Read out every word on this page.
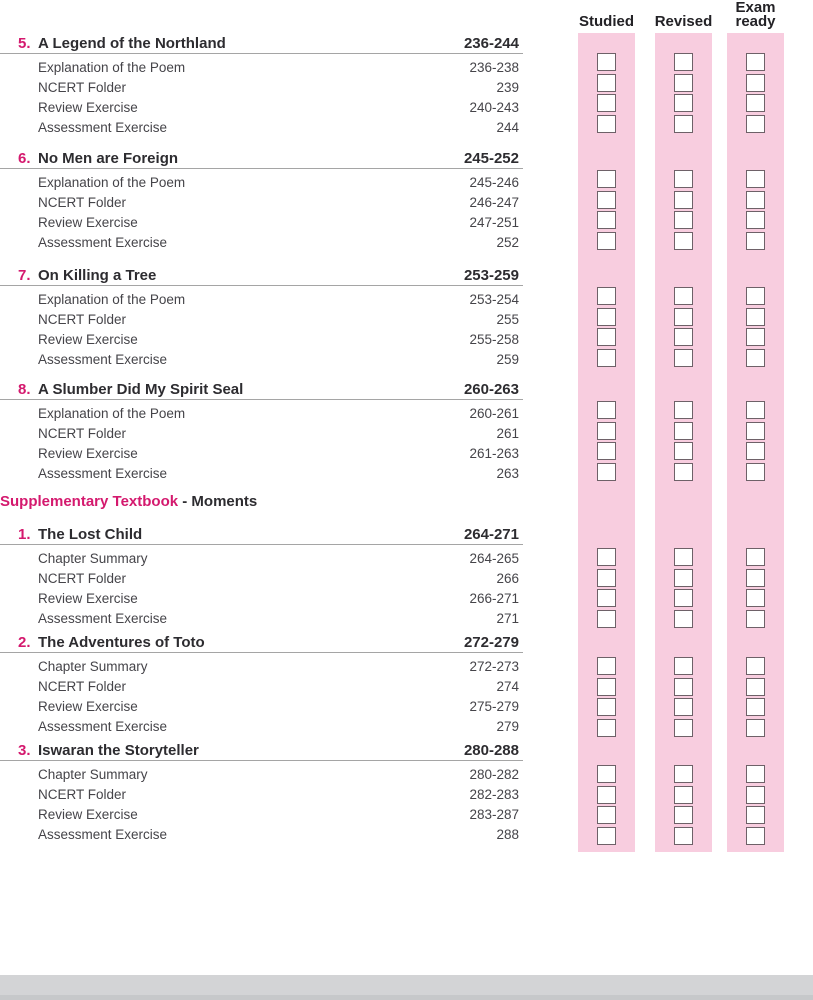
5. A Legend of the Northland	236-244
Explanation of the Poem	236-238
NCERT Folder	239
Review Exercise	240-243
Assessment Exercise	244
6. No Men are Foreign	245-252
Explanation of the Poem	245-246
NCERT Folder	246-247
Review Exercise	247-251
Assessment Exercise	252
7. On Killing a Tree	253-259
Explanation of the Poem	253-254
NCERT Folder	255
Review Exercise	255-258
Assessment Exercise	259
8. A Slumber Did My Spirit Seal	260-263
Explanation of the Poem	260-261
NCERT Folder	261
Review Exercise	261-263
Assessment Exercise	263
Supplementary Textbook - Moments
1. The Lost Child	264-271
Chapter Summary	264-265
NCERT Folder	266
Review Exercise	266-271
Assessment Exercise	271
2. The Adventures of Toto	272-279
Chapter Summary	272-273
NCERT Folder	274
Review Exercise	275-279
Assessment Exercise	279
3. Iswaran the Storyteller	280-288
Chapter Summary	280-282
NCERT Folder	282-283
Review Exercise	283-287
Assessment Exercise	288
Studied	Revised
Exam ready
